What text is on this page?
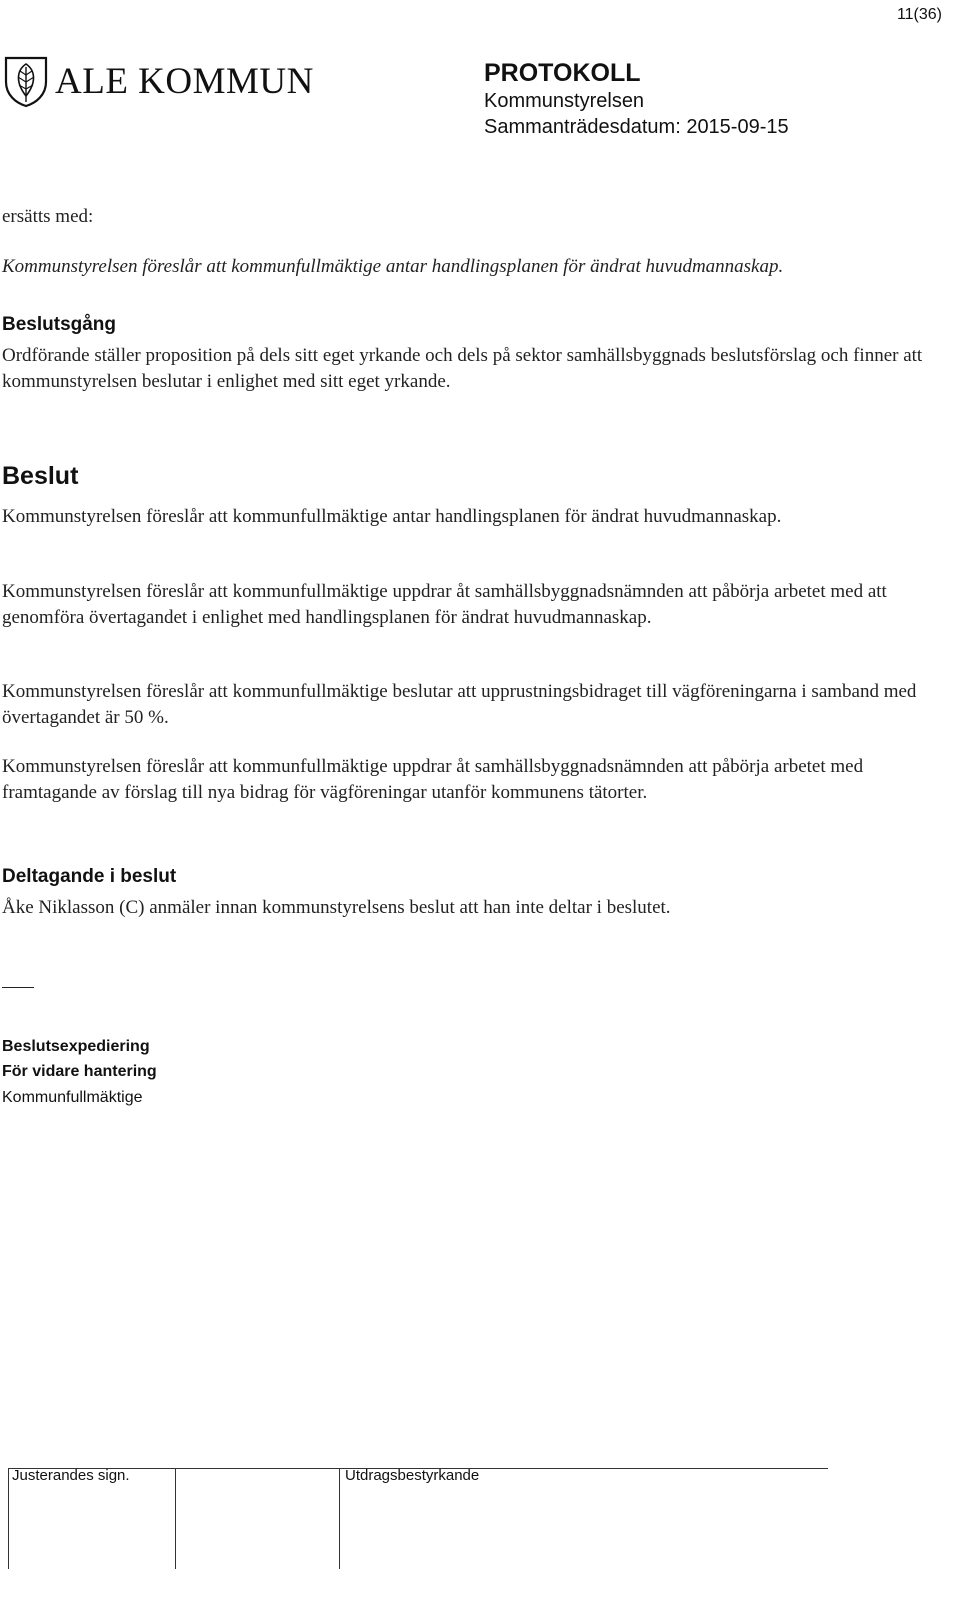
11(36)
ALE KOMMUN	PROTOKOLL
Kommunstyrelsen
Sammanträdesdatum: 2015-09-15
ersätts med:
Kommunstyrelsen föreslår att kommunfullmäktige antar handlingsplanen för ändrat huvudmannaskap.
Beslutsgång
Ordförande ställer proposition på dels sitt eget yrkande och dels på sektor samhällsbyggnads beslutsförslag och finner att kommunstyrelsen beslutar i enlighet med sitt eget yrkande.
Beslut
Kommunstyrelsen föreslår att kommunfullmäktige antar handlingsplanen för ändrat huvudmannaskap.
Kommunstyrelsen föreslår att kommunfullmäktige uppdrar åt samhällsbyggnadsnämnden att påbörja arbetet med att genomföra övertagandet i enlighet med handlingsplanen för ändrat huvudmannaskap.
Kommunstyrelsen föreslår att kommunfullmäktige beslutar att upprustningsbidraget till vägföreningarna i samband med övertagandet är 50 %.
Kommunstyrelsen föreslår att kommunfullmäktige uppdrar åt samhällsbyggnadsnämnden att påbörja arbetet med framtagande av förslag till nya bidrag för vägföreningar utanför kommunens tätorter.
Deltagande i beslut
Åke Niklasson (C) anmäler innan kommunstyrelsens beslut att han inte deltar i beslutet.
Beslutsexpediering
För vidare hantering
Kommunfullmäktige
Justerandes sign.	Utdragsbestyrkande
